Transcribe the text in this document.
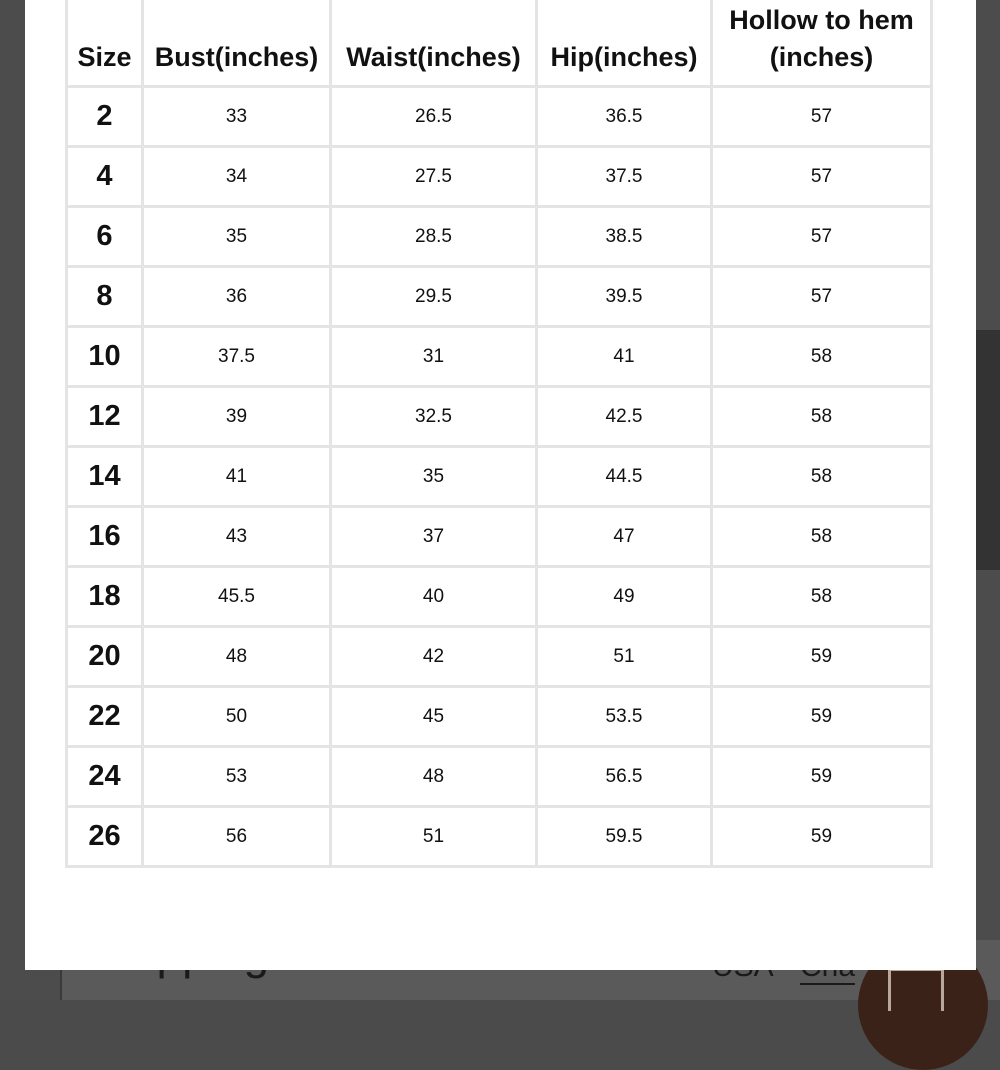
Size	Bust(inches)	Waist(inches)	Hip(inches)	Hollow to hem (inches)
2	33	26.5	36.5	57
4	34	27.5	37.5	57
6	35	28.5	38.5	57
8	36	29.5	39.5	57
10	37.5	31	41	58
12	39	32.5	42.5	58
14	41	35	44.5	58
16	43	37	47	58
18	45.5	40	49	58
20	48	42	51	59
22	50	45	53.5	59
24	53	48	56.5	59
26	56	51	59.5	59
